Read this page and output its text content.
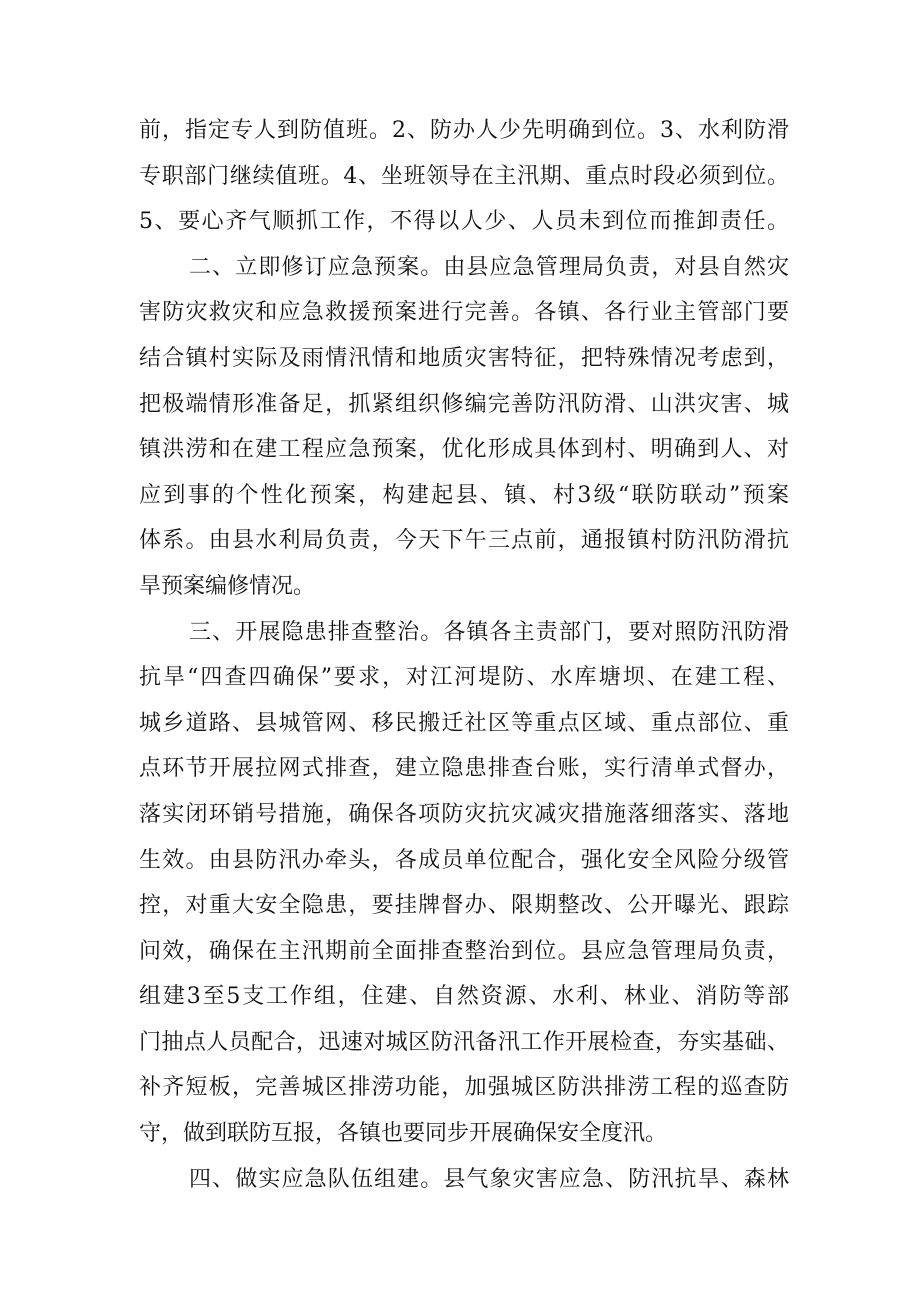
前，指定专人到防值班。2、防办人少先明确到位。3、水利防滑
专职部门继续值班。4、坐班领导在主汛期、重点时段必须到位。
5、要心齐气顺抓工作，不得以人少、人员未到位而推卸责任。
二、立即修订应急预案。由县应急管理局负责，对县自然灾
害防灾救灾和应急救援预案进行完善。各镇、各行业主管部门要
结合镇村实际及雨情汛情和地质灾害特征，把特殊情况考虑到，
把极端情形准备足，抓紧组织修编完善防汛防滑、山洪灾害、城
镇洪涝和在建工程应急预案，优化形成具体到村、明确到人、对
应到事的个性化预案，构建起县、镇、村3级“联防联动”预案
体系。由县水利局负责，今天下午三点前，通报镇村防汛防滑抗
旱预案编修情况。
三、开展隐患排查整治。各镇各主责部门，要对照防汛防滑
抗旱“四查四确保”要求，对江河堤防、水库塘坝、在建工程、
城乡道路、县城管网、移民搬迁社区等重点区域、重点部位、重
点环节开展拉网式排查，建立隐患排查台账，实行清单式督办，
落实闭环销号措施，确保各项防灾抗灾减灾措施落细落实、落地
生效。由县防汛办牵头，各成员单位配合，强化安全风险分级管
控，对重大安全隐患，要挂牌督办、限期整改、公开曝光、跟踪
问效，确保在主汛期前全面排查整治到位。县应急管理局负责，
组建3至5支工作组，住建、自然资源、水利、林业、消防等部
门抽点人员配合，迅速对城区防汛备汛工作开展检查，夯实基础、
补齐短板，完善城区排涝功能，加强城区防洪排涝工程的巡查防
守，做到联防互报，各镇也要同步开展确保安全度汛。
四、做实应急队伍组建。县气象灾害应急、防汛抗旱、森林
